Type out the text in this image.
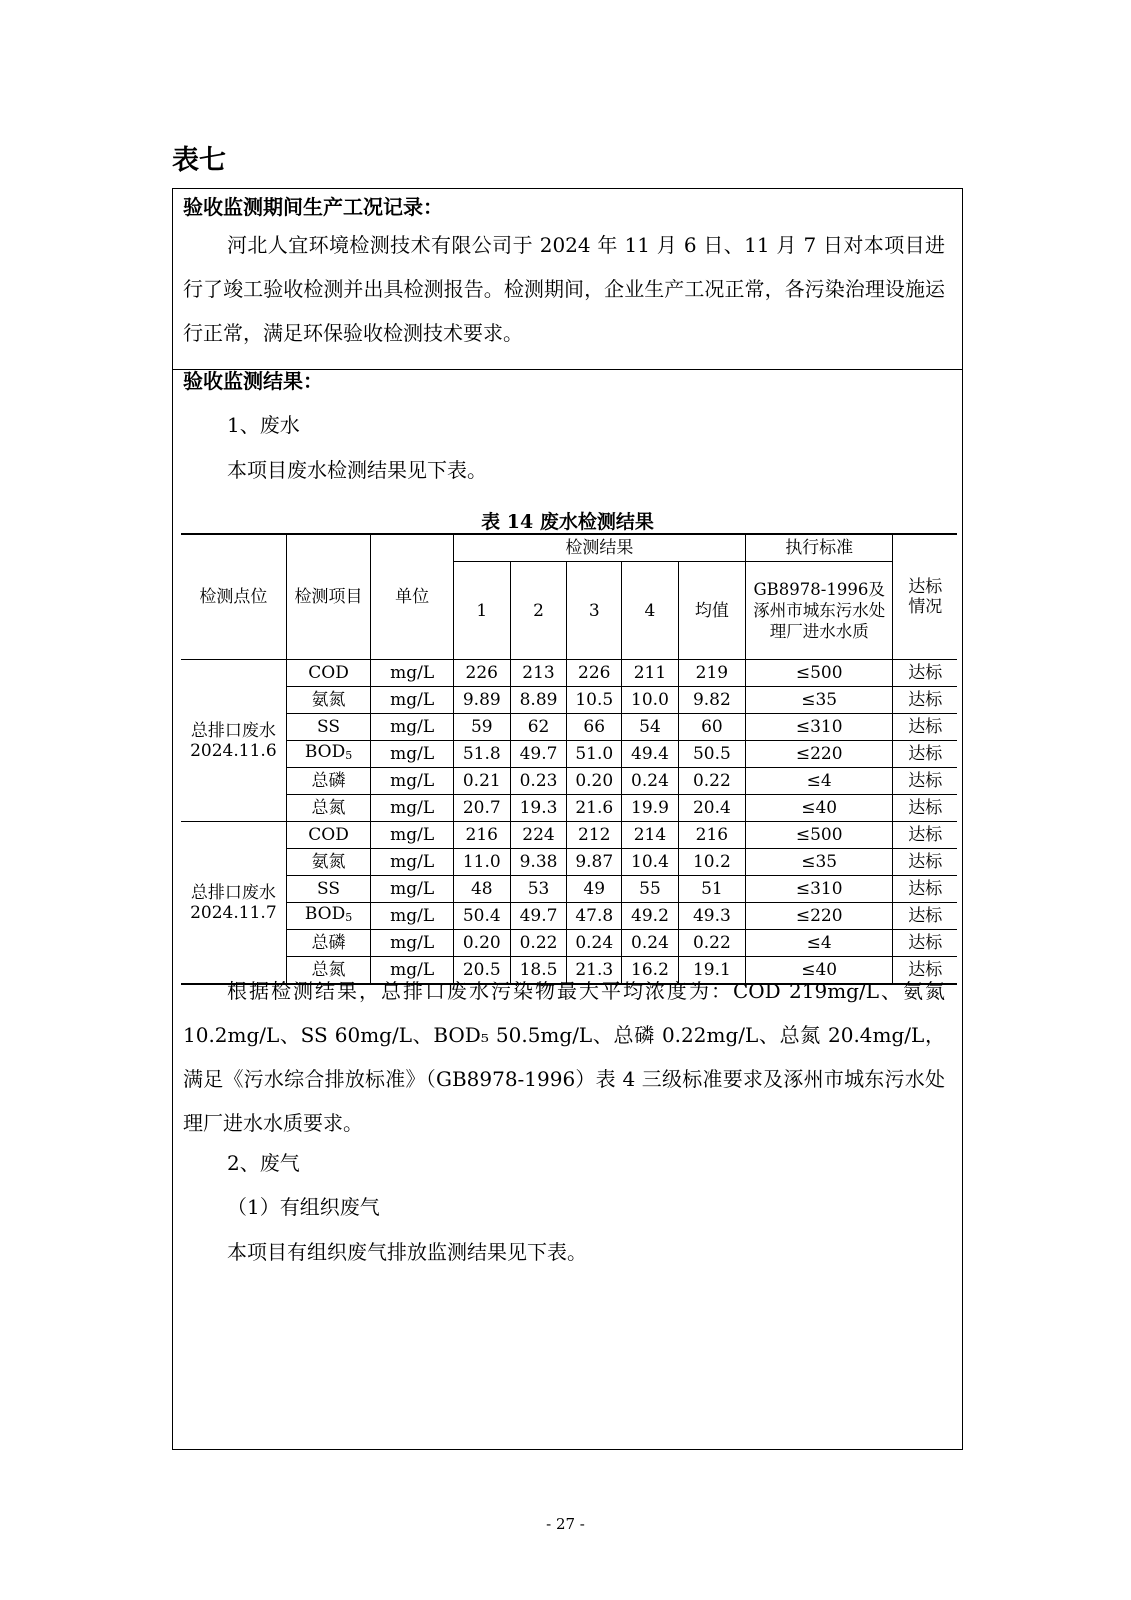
表七
验收监测期间生产工况记录：
河北人宜环境检测技术有限公司于 2024 年 11 月 6 日、11 月 7 日对本项目进行了竣工验收检测并出具检测报告。检测期间，企业生产工况正常，各污染治理设施运行正常，满足环保验收检测技术要求。
验收监测结果：
1、废水
本项目废水检测结果见下表。
表 14 废水检测结果
检测点位	检测项目	单位	检测结果					执行标准	达标情况
			1	2	3	4	均值	GB8978-1996及涿州市城东污水处理厂进水水质	

总排口废水
2024.11.6	COD	mg/L	226	213	226	211	219	≤500	达标
	氨氮	mg/L	9.89	8.89	10.5	10.0	9.82	≤35	达标
	SS	mg/L	59	62	66	54	60	≤310	达标
	$BOD_5$	mg/L	51.8	49.7	51.0	49.4	50.5	≤220	达标
	总磷	mg/L	0.21	0.23	0.20	0.24	0.22	≤4	达标
	总氮	mg/L	20.7	19.3	21.6	19.9	20.4	≤40	达标

总排口废水
2024.11.7	COD	mg/L	216	224	212	214	216	≤500	达标
	氨氮	mg/L	11.0	9.38	9.87	10.4	10.2	≤35	达标
	SS	mg/L	48	53	49	55	51	≤310	达标
	$BOD_5$	mg/L	50.4	49.7	47.8	49.2	49.3	≤220	达标
	总磷	mg/L	0.20	0.22	0.24	0.24	0.22	≤4	达标
	总氮	mg/L	20.5	18.5	21.3	16.2	19.1	≤40	达标
根据检测结果，总排口废水污染物最大平均浓度为：COD 219mg/L、氨氮 10.2mg/L、SS 60mg/L、BOD₅ 50.5mg/L、总磷 0.22mg/L、总氮 20.4mg/L，满足《污水综合排放标准》（GB8978-1996）表 4 三级标准要求及涿州市城东污水处理厂进水水质要求。
2、废气
（1）有组织废气
本项目有组织废气排放监测结果见下表。
- 27 -
